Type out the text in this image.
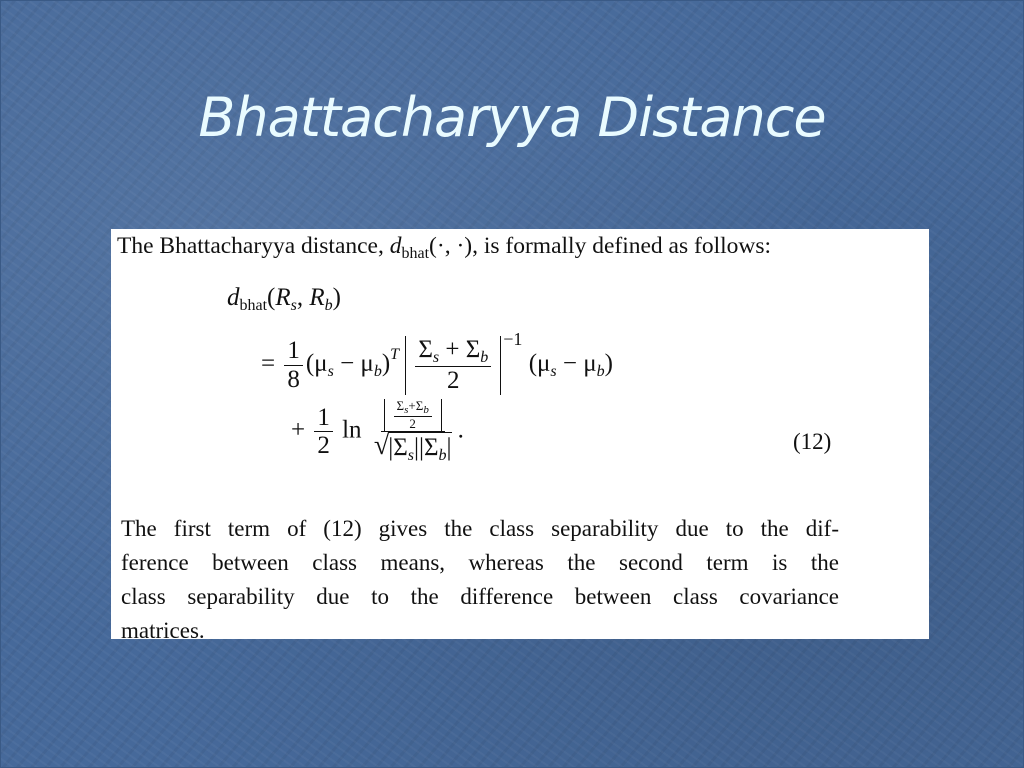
Bhattacharyya Distance
The Bhattacharyya distance, $d_{bhat}(\cdot$, ·), is formally defined as follows:
$d_{bhat}(R_s$, $R_b$)
= $\frac{1}{8} (\mu_s - \mu_b)^T \frac{\Sigma_s + \Sigma_b}{2} ^{-1}$ $(\mu_s - \mu_b)$
+ $\frac{1}{2}$ $\ln \frac{\frac{\Sigma_s+\Sigma_b}{2}}{√ |\Sigma_s||\Sigma_b|}$ .	(12)
The first term of (12) gives the class separability due to the dif-
ference between class means, whereas the second term is the
class separability due to the difference between class covariance
matrices.
